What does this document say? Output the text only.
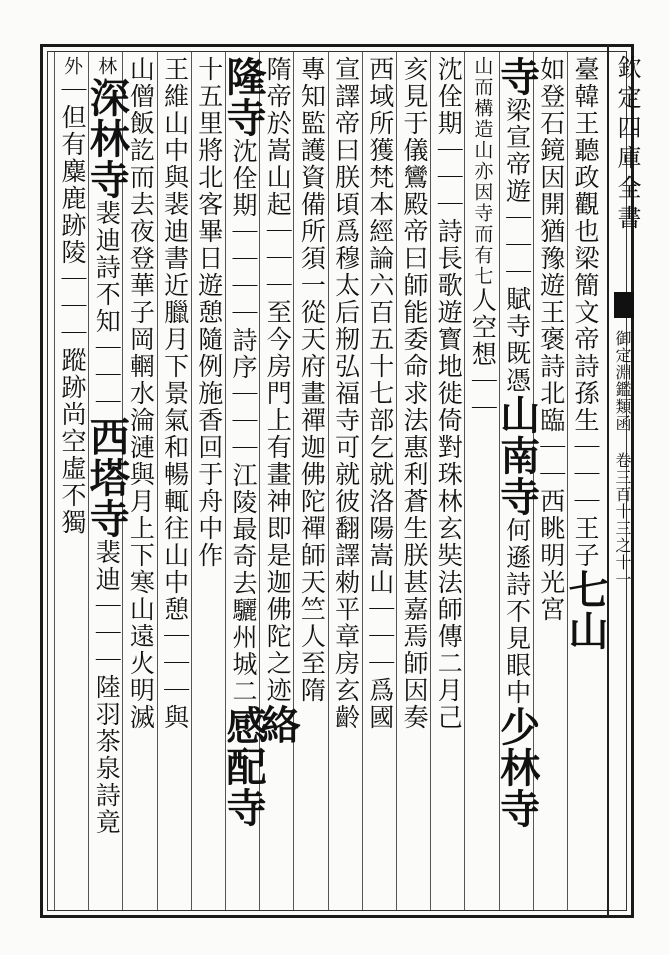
欽定四庫全書
御定淵鑑類函 卷三百十三之十一
臺韓王聽政觀也梁簡文帝詩孫生｜｜｜王子七山
如登石鏡因開猶豫遊王褒詩北臨｜｜西眺明光宮
寺梁宣帝遊｜｜｜賦寺既憑山南寺何遜詩不見眼中少林寺
山而構造山亦因寺而有七人空想｜｜
沈佺期｜｜｜詩長歌遊寳地徙倚對珠林玄奘法師傳二月己
亥見于儀鸞殿帝曰師能委命求法惠利蒼生朕甚嘉焉師因奏
西域所獲梵本經論六百五十七部乞就洛陽嵩山｜｜｜爲國
宣譯帝曰朕頃爲穆太后剏弘福寺可就彼翻譯勑平章房玄齡
專知監護資備所須一從天府畫禪迦佛陀禪師天竺人至隋
隋帝於嵩山起｜｜｜至今房門上有畫神即是迦佛陀之迹絡
隆寺沈佺期｜｜｜｜詩序｜｜｜江陵最奇去驪州城二感配寺
十五里將北客畢日遊憩隨例施香回于舟中作
王維山中與裴迪書近臘月下景氣和暢輒往山中憩｜｜｜與
山僧飯訖而去夜登華子岡輞水淪漣與月上下寒山遠火明滅
林深林寺裴迪詩不知｜｜｜西塔寺裴迪｜｜｜陸羽茶泉詩竟
外｜但有麋鹿跡陵｜｜｜蹤跡尚空虛不獨
